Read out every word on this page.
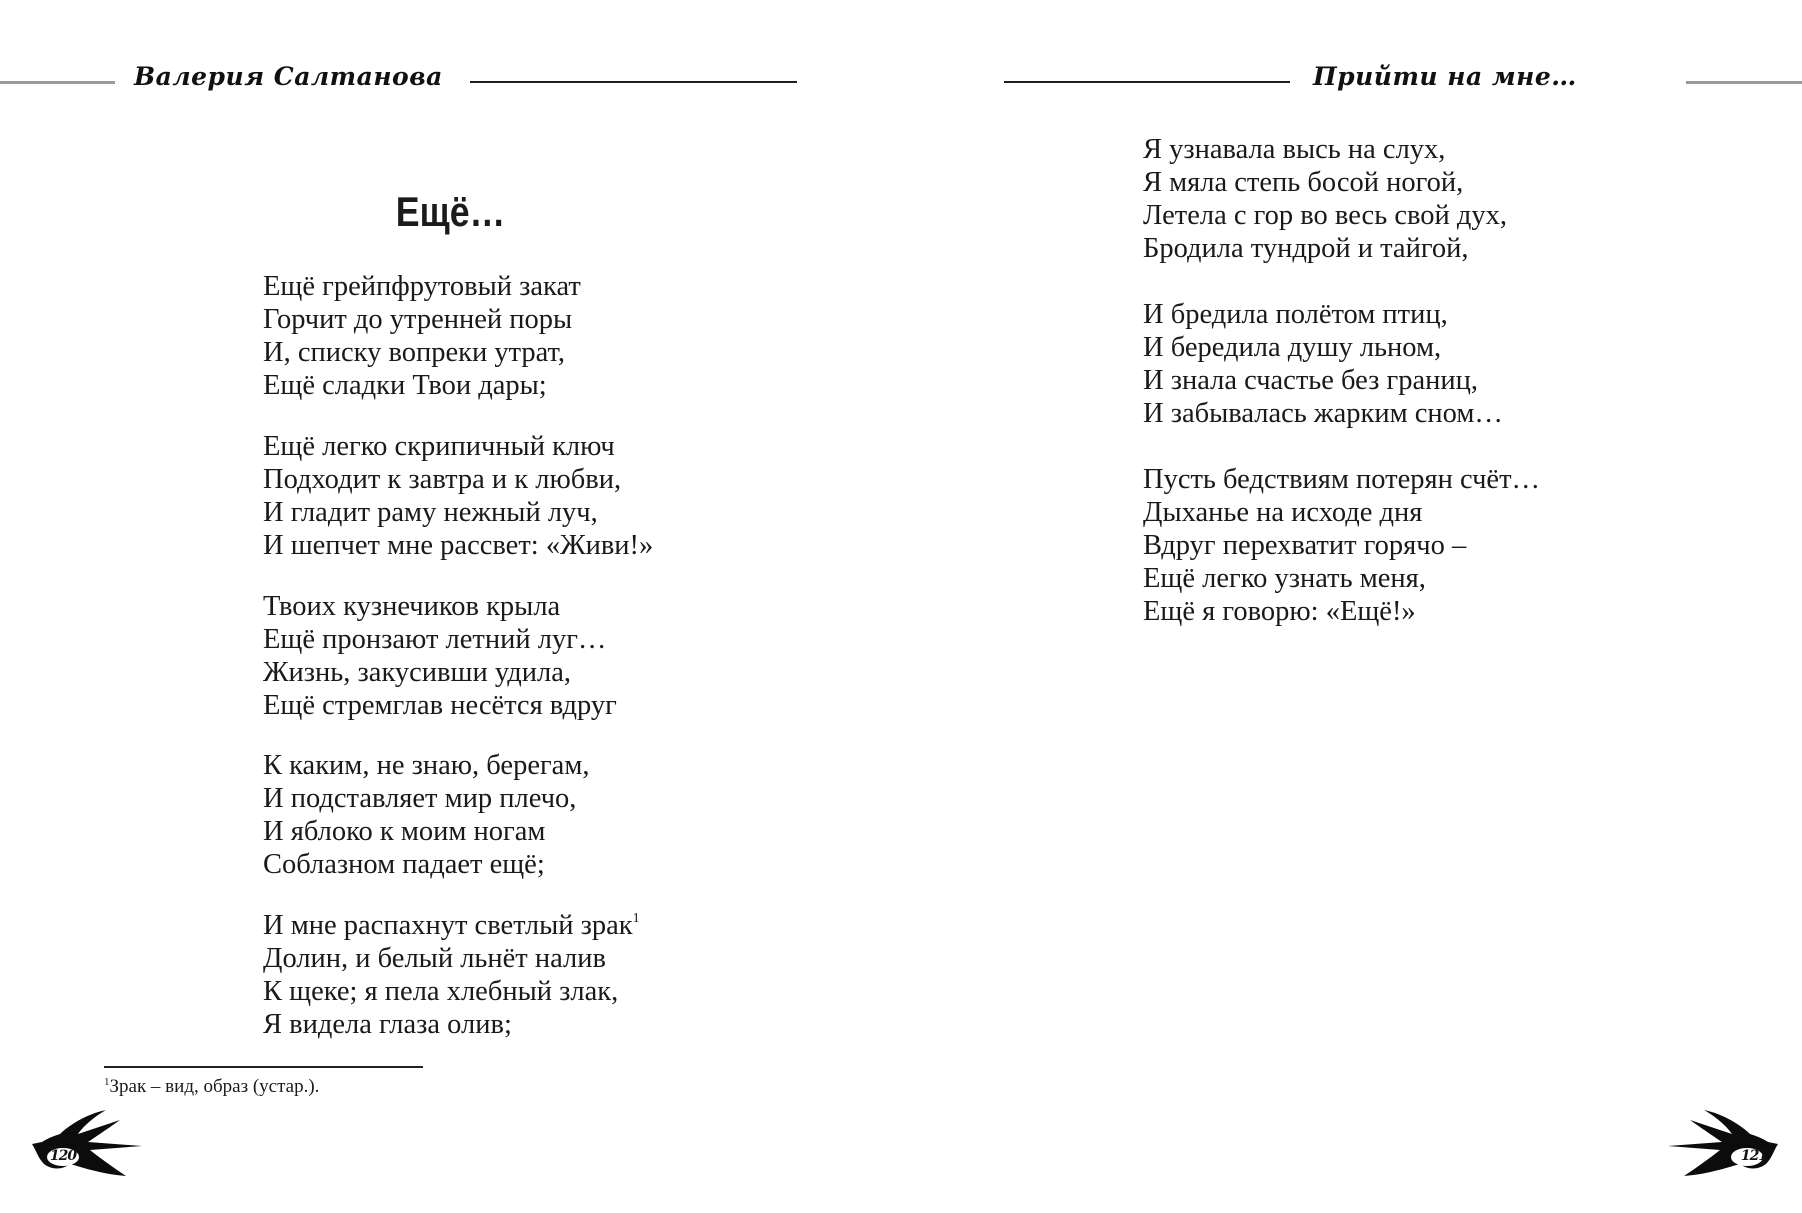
Валерия Салтанова
Ещё…
Ещё грейпфрутовый закат
Горчит до утренней поры
И, списку вопреки утрат,
Ещё сладки Твои дары;
Ещё легко скрипичный ключ
Подходит к завтра и к любви,
И гладит раму нежный луч,
И шепчет мне рассвет: «Живи!»
Твоих кузнечиков крыла
Ещё пронзают летний луг…
Жизнь, закусивши удила,
Ещё стремглав несётся вдруг
К каким, не знаю, берегам,
И подставляет мир плечо,
И яблоко к моим ногам
Соблазном падает ещё;
И мне распахнут светлый зрак$^1$
Долин, и белый льнёт налив
К щеке; я пела хлебный злак,
Я видела глаза олив;
$^1$Зрак – вид, образ (устар.).
120
Прийти на мне…
Я узнавала высь на слух,
Я мяла степь босой ногой,
Летела с гор во весь свой дух,
Бродила тундрой и тайгой,
И бредила полётом птиц,
И бередила душу льном,
И знала счастье без границ,
И забывалась жарким сном…
Пусть бедствиям потерян счёт…
Дыханье на исходе дня
Вдруг перехватит горячо –
Ещё легко узнать меня,
Ещё я говорю: «Ещё!»
121
